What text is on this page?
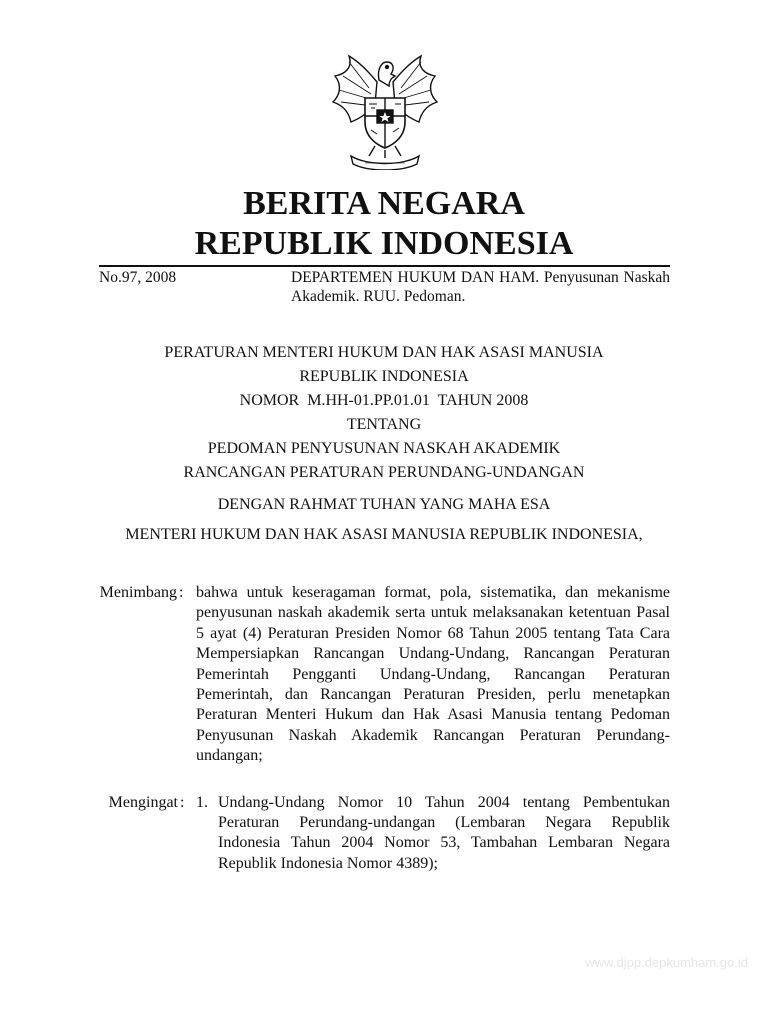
BERITA NEGARA
REPUBLIK INDONESIA
No.97, 2008	DEPARTEMEN HUKUM DAN HAM. Penyusunan Naskah Akademik. RUU. Pedoman.
PERATURAN MENTERI HUKUM DAN HAK ASASI MANUSIA
REPUBLIK INDONESIA
NOMOR  M.HH-01.PP.01.01  TAHUN 2008
TENTANG
PEDOMAN PENYUSUNAN NASKAH AKADEMIK
RANCANGAN PERATURAN PERUNDANG-UNDANGAN
DENGAN RAHMAT TUHAN YANG MAHA ESA
MENTERI HUKUM DAN HAK ASASI MANUSIA REPUBLIK INDONESIA,
Menimbang : bahwa untuk keseragaman format, pola, sistematika, dan mekanisme penyusunan naskah akademik serta untuk melaksanakan ketentuan Pasal 5 ayat (4) Peraturan Presiden Nomor 68 Tahun 2005 tentang Tata Cara Mempersiapkan Rancangan Undang-Undang, Rancangan Peraturan Pemerintah Pengganti Undang-Undang, Rancangan Peraturan Pemerintah, dan Rancangan Peraturan Presiden, perlu menetapkan Peraturan Menteri Hukum dan Hak Asasi Manusia tentang Pedoman Penyusunan Naskah Akademik Rancangan Peraturan Perundang-undangan;

Mengingat : 1. Undang-Undang Nomor 10 Tahun 2004 tentang Pembentukan Peraturan Perundang-undangan (Lembaran Negara Republik Indonesia Tahun 2004 Nomor 53, Tambahan Lembaran Negara Republik Indonesia Nomor 4389);

www.djpp.depkumham.go.id
